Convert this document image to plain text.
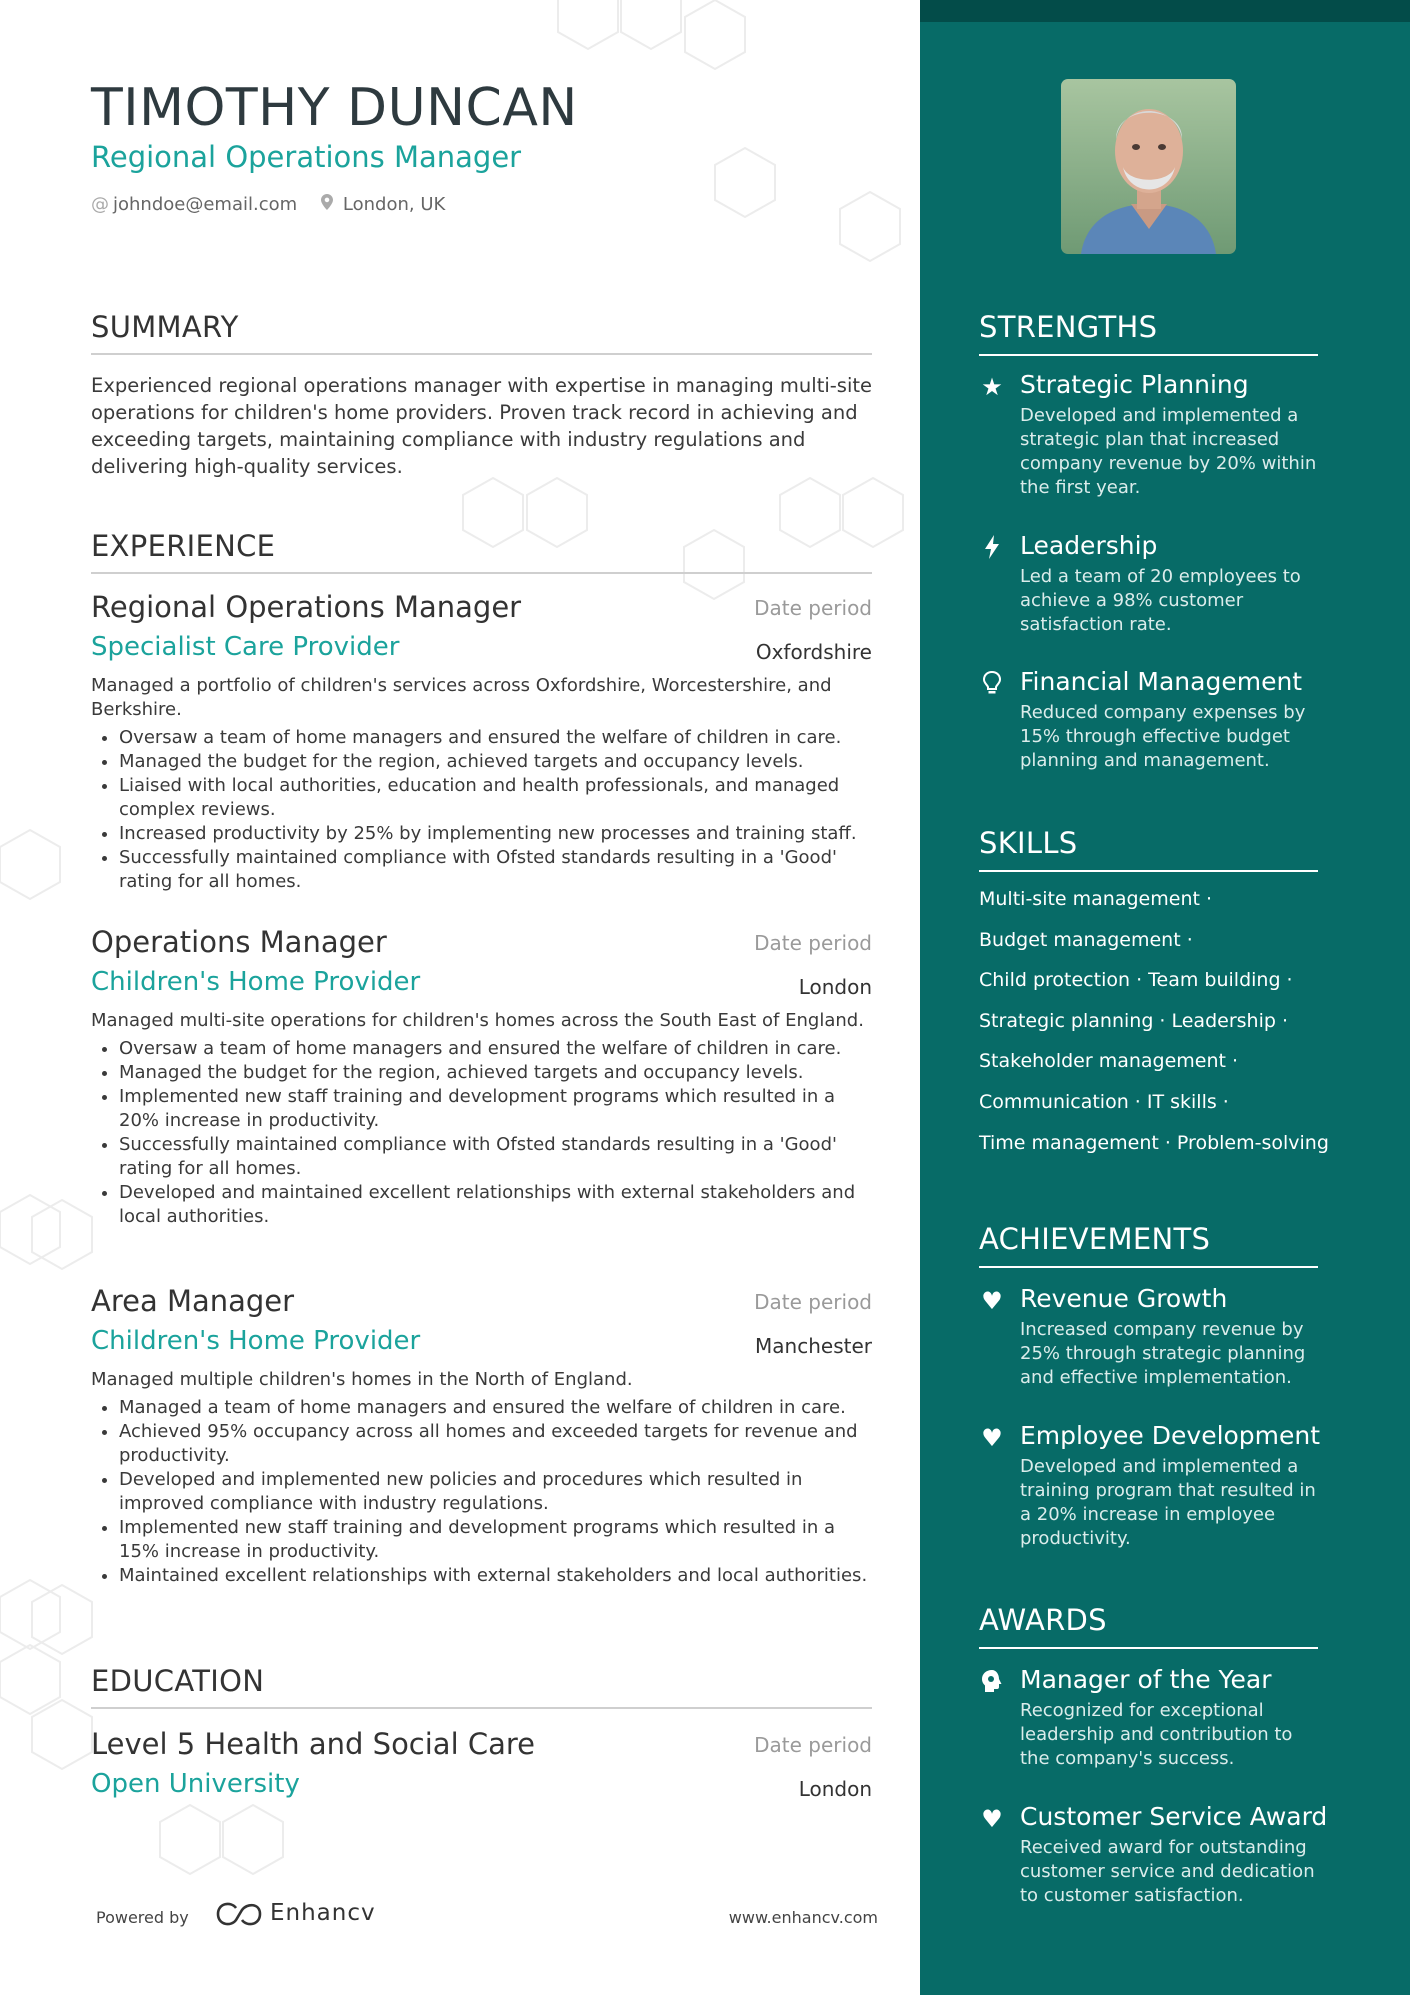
TIMOTHY DUNCAN
Regional Operations Manager
@ johndoe@email.com	London, UK
SUMMARY
Experienced regional operations manager with expertise in managing multi-site operations for children's home providers. Proven track record in achieving and exceeding targets, maintaining compliance with industry regulations and delivering high-quality services.
EXPERIENCE
Regional Operations Manager	Date period
Specialist Care Provider	Oxfordshire
Managed a portfolio of children's services across Oxfordshire, Worcestershire, and Berkshire.
• Oversaw a team of home managers and ensured the welfare of children in care.
• Managed the budget for the region, achieved targets and occupancy levels.
• Liaised with local authorities, education and health professionals, and managed complex reviews.
• Increased productivity by 25% by implementing new processes and training staff.
• Successfully maintained compliance with Ofsted standards resulting in a 'Good' rating for all homes.
Operations Manager	Date period
Children's Home Provider	London
Managed multi-site operations for children's homes across the South East of England.
• Oversaw a team of home managers and ensured the welfare of children in care.
• Managed the budget for the region, achieved targets and occupancy levels.
• Implemented new staff training and development programs which resulted in a 20% increase in productivity.
• Successfully maintained compliance with Ofsted standards resulting in a 'Good' rating for all homes.
• Developed and maintained excellent relationships with external stakeholders and local authorities.
Area Manager	Date period
Children's Home Provider	Manchester
Managed multiple children's homes in the North of England.
• Managed a team of home managers and ensured the welfare of children in care.
• Achieved 95% occupancy across all homes and exceeded targets for revenue and productivity.
• Developed and implemented new policies and procedures which resulted in improved compliance with industry regulations.
• Implemented new staff training and development programs which resulted in a 15% increase in productivity.
• Maintained excellent relationships with external stakeholders and local authorities.
EDUCATION
Level 5 Health and Social Care	Date period
Open University	London
Powered by	Enhancv	www.enhancv.com
STRENGTHS
★ Strategic Planning
Developed and implemented a strategic plan that increased company revenue by 20% within the first year.
Leadership
Led a team of 20 employees to achieve a 98% customer satisfaction rate.
Financial Management
Reduced company expenses by 15% through effective budget planning and management.
SKILLS
Multi-site management ·
Budget management ·
Child protection · Team building ·
Strategic planning · Leadership ·
Stakeholder management ·
Communication · IT skills ·
Time management · Problem-solving
ACHIEVEMENTS
♥ Revenue Growth
Increased company revenue by 25% through strategic planning and effective implementation.
♥ Employee Development
Developed and implemented a training program that resulted in a 20% increase in employee productivity.
AWARDS
Manager of the Year
Recognized for exceptional leadership and contribution to the company's success.
♥ Customer Service Award
Received award for outstanding customer service and dedication to customer satisfaction.
